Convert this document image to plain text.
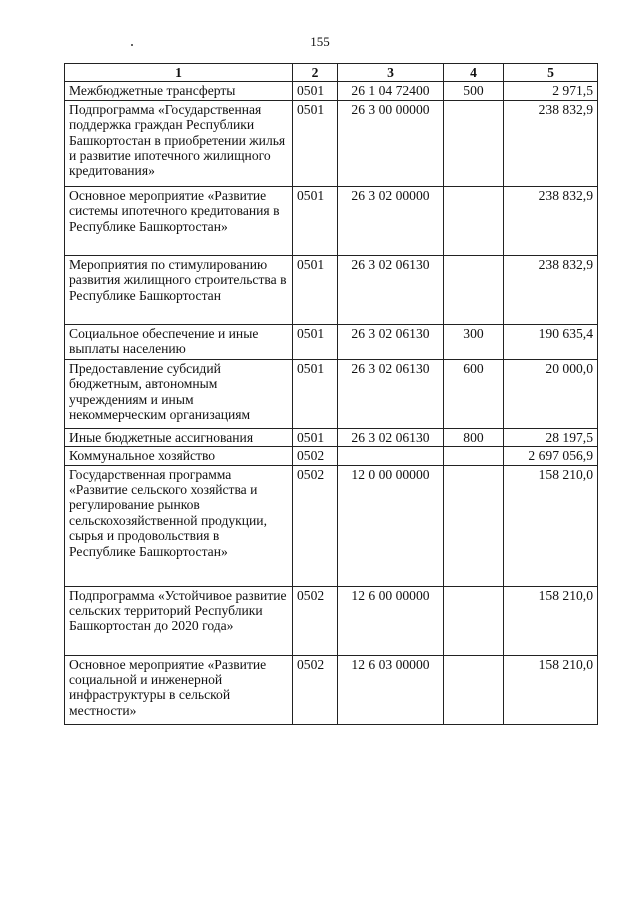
155
1	2	3	4	5
Межбюджетные трансферты	0501	26 1 04 72400	500	2 971,5
Подпрограмма «Государственная поддержка граждан Республики Башкортостан в приобретении жилья и развитие ипотечного жилищного кредитования»	0501	26 3 00 00000		238 832,9
Основное мероприятие «Развитие системы ипотечного кредитования в Республике Башкортостан»	0501	26 3 02 00000		238 832,9
Мероприятия по стимулированию развития жилищного строительства в Республике Башкортостан	0501	26 3 02 06130		238 832,9
Социальное обеспечение и иные выплаты населению	0501	26 3 02 06130	300	190 635,4
Предоставление субсидий бюджетным, автономным учреждениям и иным некоммерческим организациям	0501	26 3 02 06130	600	20 000,0
Иные бюджетные ассигнования	0501	26 3 02 06130	800	28 197,5
Коммунальное хозяйство	0502			2 697 056,9
Государственная программа «Развитие сельского хозяйства и регулирование рынков сельскохозяйственной продукции, сырья и продовольствия в Республике Башкортостан»	0502	12 0 00 00000		158 210,0
Подпрограмма «Устойчивое развитие сельских территорий Республики Башкортостан до 2020 года»	0502	12 6 00 00000		158 210,0
Основное мероприятие «Развитие социальной и инженерной инфраструктуры в сельской местности»	0502	12 6 03 00000		158 210,0
